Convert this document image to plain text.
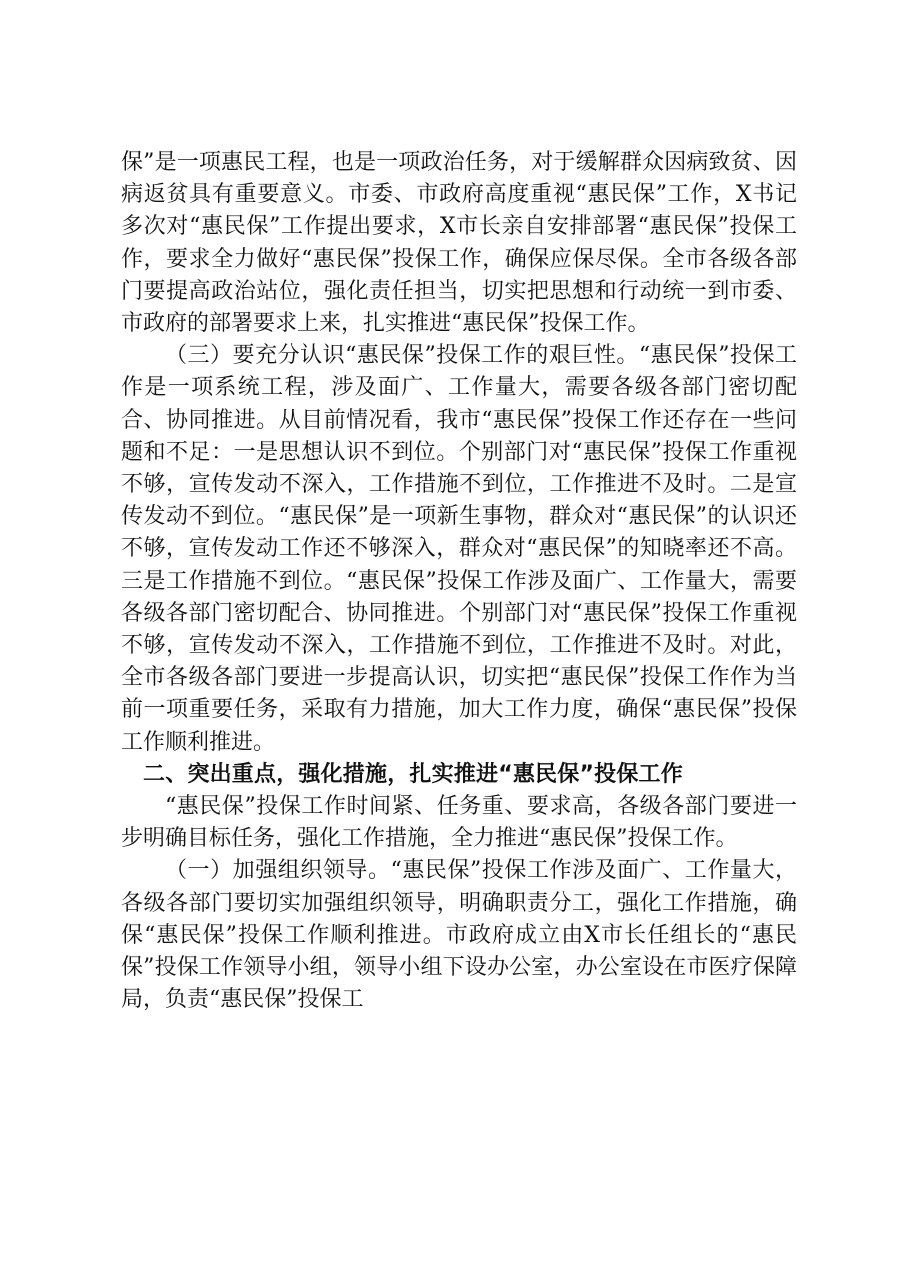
保”是一项惠民工程，也是一项政治任务，对于缓解群众因病致贫、因病返贫具有重要意义。市委、市政府高度重视“惠民保”工作，X书记多次对“惠民保”工作提出要求，X市长亲自安排部署“惠民保”投保工作，要求全力做好“惠民保”投保工作，确保应保尽保。全市各级各部门要提高政治站位，强化责任担当，切实把思想和行动统一到市委、市政府的部署要求上来，扎实推进“惠民保”投保工作。

（三）要充分认识“惠民保”投保工作的艰巨性。“惠民保”投保工作是一项系统工程，涉及面广、工作量大，需要各级各部门密切配合、协同推进。从目前情况看，我市“惠民保”投保工作还存在一些问题和不足：一是思想认识不到位。个别部门对“惠民保”投保工作重视不够，宣传发动不深入，工作措施不到位，工作推进不及时。二是宣传发动不到位。“惠民保”是一项新生事物，群众对“惠民保”的认识还不够，宣传发动工作还不够深入，群众对“惠民保”的知晓率还不高。三是工作措施不到位。“惠民保”投保工作涉及面广、工作量大，需要各级各部门密切配合、协同推进。个别部门对“惠民保”投保工作重视不够，宣传发动不深入，工作措施不到位，工作推进不及时。对此，全市各级各部门要进一步提高认识，切实把“惠民保”投保工作作为当前一项重要任务，采取有力措施，加大工作力度，确保“惠民保”投保工作顺利推进。

二、突出重点，强化措施，扎实推进“惠民保”投保工作

“惠民保”投保工作时间紧、任务重、要求高，各级各部门要进一步明确目标任务，强化工作措施，全力推进“惠民保”投保工作。

（一）加强组织领导。“惠民保”投保工作涉及面广、工作量大，各级各部门要切实加强组织领导，明确职责分工，强化工作措施，确保“惠民保”投保工作顺利推进。市政府成立由X市长任组长的“惠民保”投保工作领导小组，领导小组下设办公室，办公室设在市医疗保障局，负责“惠民保”投保工
